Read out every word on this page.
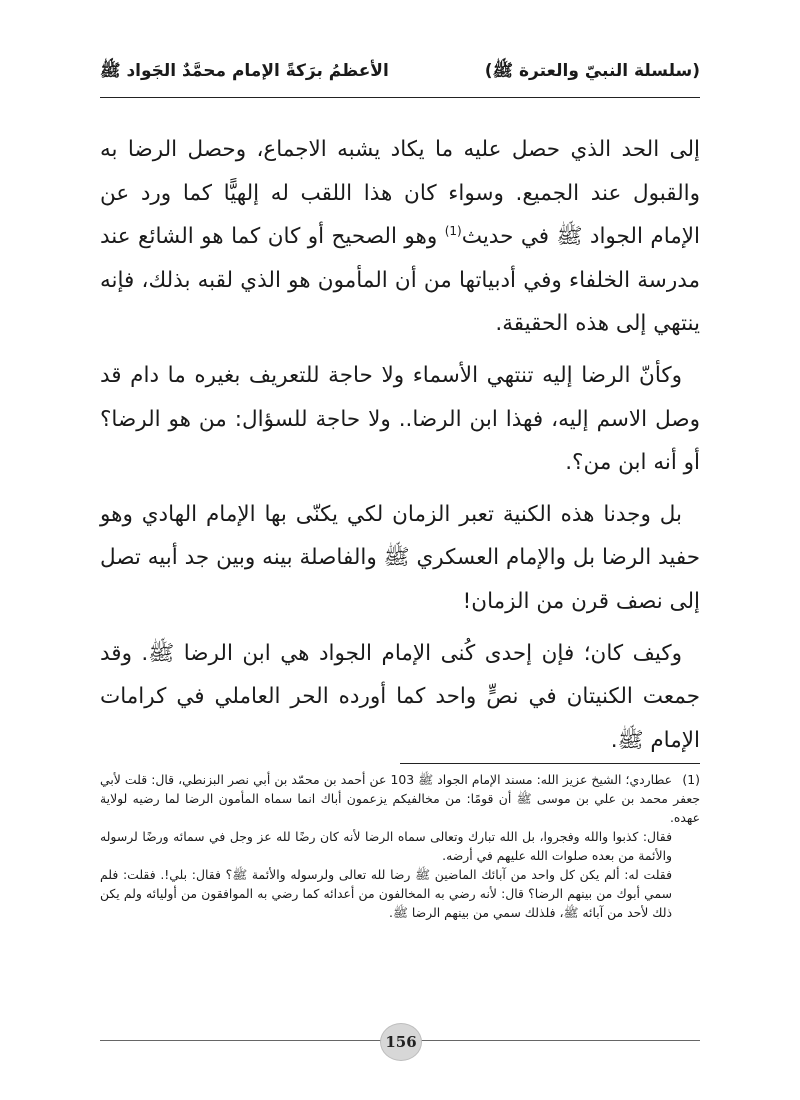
(سلسلة النبيّ والعترة ﷺ)
الأعظمُ برَكةً الإمام محمَّدٌ الجَواد ﷺ

إلى الحد الذي حصل عليه ما يكاد يشبه الاجماع، وحصل الرضا به والقبول عند الجميع. وسواء كان هذا اللقب له إلهيًّا كما ورد عن الإمام الجواد ﷺ في حديث$^{(1)}$ وهو الصحيح أو كان كما هو الشائع عند مدرسة الخلفاء وفي أدبياتها من أن المأمون هو الذي لقبه بذلك، فإنه ينتهي إلى هذه الحقيقة.

وكأنّ الرضا إليه تنتهي الأسماء ولا حاجة للتعريف بغيره ما دام قد وصل الاسم إليه، فهذا ابن الرضا.. ولا حاجة للسؤال: من هو الرضا؟ أو أنه ابن من؟.

بل وجدنا هذه الكنية تعبر الزمان لكي يكنّى بها الإمام الهادي وهو حفيد الرضا بل والإمام العسكري ﷺ والفاصلة بينه وبين جد أبيه تصل إلى نصف قرن من الزمان!

وكيف كان؛ فإن إحدى كُنى الإمام الجواد هي ابن الرضا ﷺ. وقد جمعت الكنيتان في نصٍّ واحد كما أورده الحر العاملي في كرامات الإمام ﷺ.

(1)عطاردي؛ الشيخ عزيز الله: مسند الإمام الجواد ﷺ 103 عن أحمد بن محمّد بن أبي نصر البزنطي، قال: قلت لأبي جعفر محمد بن علي بن موسى ﷺ أن قومًا: من مخالفيكم يزعمون أباك انما سماه المأمون الرضا لما رضيه لولاية عهده.

فقال: كذبوا والله وفجروا، بل الله تبارك وتعالى سماه الرضا لأنه كان رضًا لله عز وجل في سمائه ورضًا لرسوله والأئمة من بعده صلوات الله عليهم في أرضه.

فقلت له: ألم يكن كل واحد من آبائك الماضين ﷺ رضا لله تعالى ولرسوله والأئمة ﷺ؟ فقال: بلي!. فقلت: فلم سمي أبوك من بينهم الرضا؟ قال: لأنه رضي به المخالفون من أعدائه كما رضي به الموافقون من أوليائه ولم يكن ذلك لأحد من آبائه ﷺ، فلذلك سمي من بينهم الرضا ﷺ.

156
